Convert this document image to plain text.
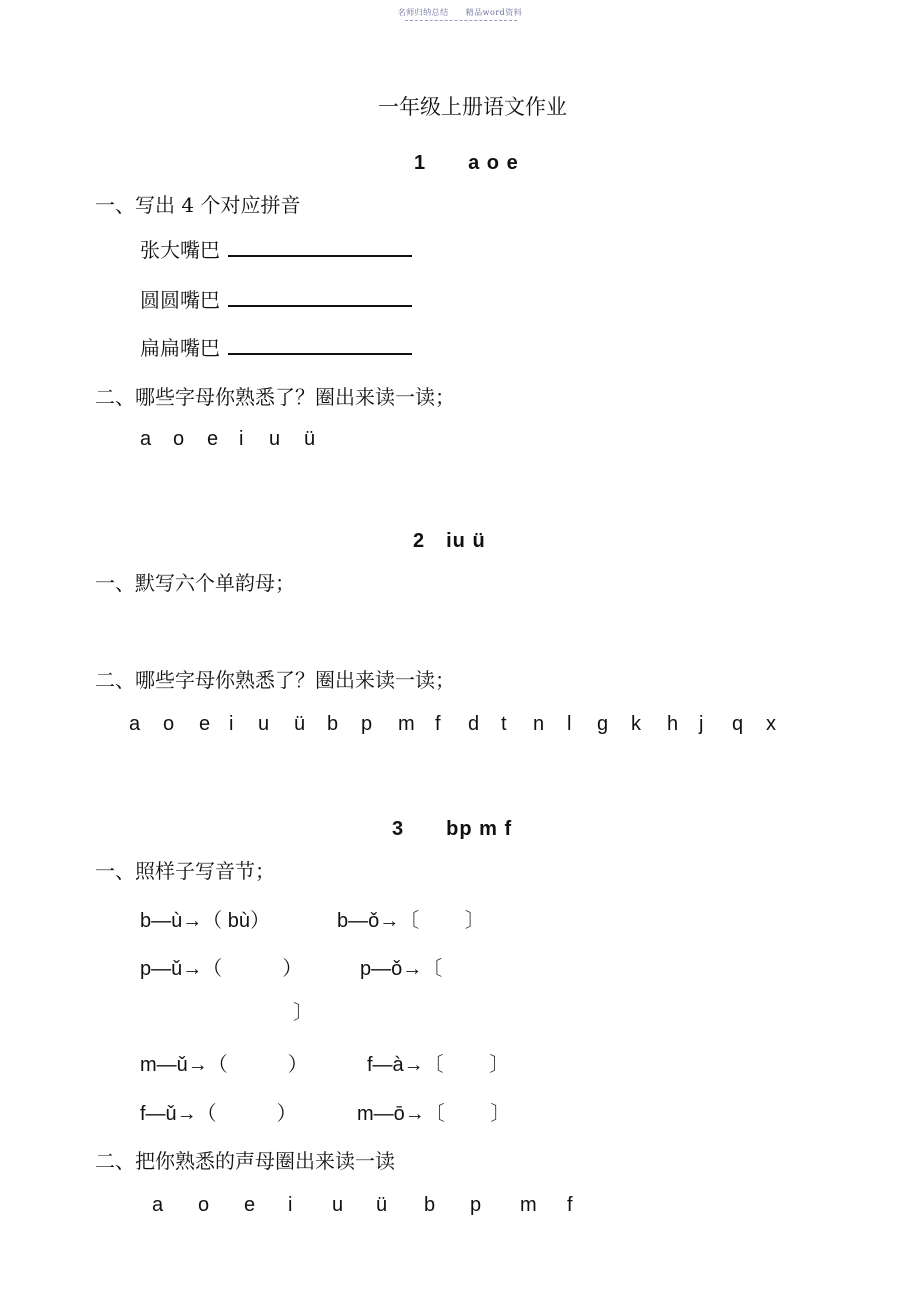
名师归纳总结　　精品word资料
一年级上册语文作业
1　　a o e
一、写出 4 个对应拼音
张大嘴巴
圆圆嘴巴
扁扁嘴巴
二、哪些字母你熟悉了？圈出来读一读；
a o e i u ü
2　iu ü
一、默写六个单韵母；
二、哪些字母你熟悉了？圈出来读一读；
a o e i u ü b p m f d t n l g k h j q x
3　　bp m f
一、照样子写音节；
b—ù→（ bù）	b—ǒ→〔　　 〕
p—ǔ→（　　　）	p—ǒ→〔
〕
m—ǔ→（　　　）	f—à→〔　　 〕
f—ǔ→（　　　）	m—ō→〔　　 〕
二、把你熟悉的声母圈出来读一读
a o e i u ü b p m f
